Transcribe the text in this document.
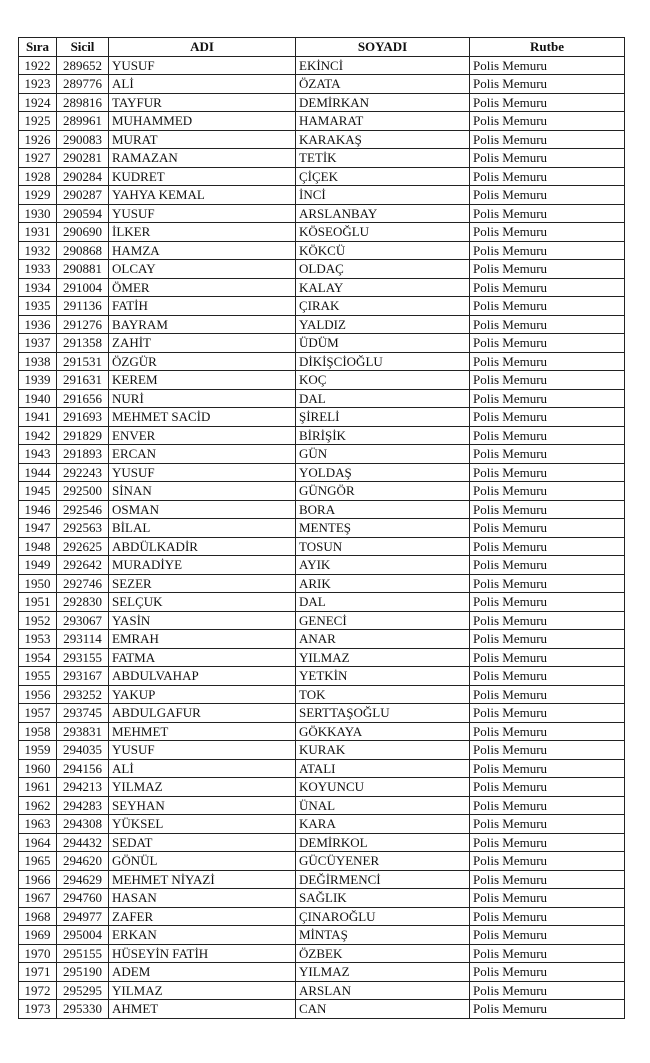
Sıra	Sicil	ADI	SOYADI	Rutbe
1922	289652	YUSUF	EKİNCİ	Polis Memuru
1923	289776	ALİ	ÖZATA	Polis Memuru
1924	289816	TAYFUR	DEMİRKAN	Polis Memuru
1925	289961	MUHAMMED	HAMARAT	Polis Memuru
1926	290083	MURAT	KARAKAŞ	Polis Memuru
1927	290281	RAMAZAN	TETİK	Polis Memuru
1928	290284	KUDRET	ÇİÇEK	Polis Memuru
1929	290287	YAHYA KEMAL	İNCİ	Polis Memuru
1930	290594	YUSUF	ARSLANBAY	Polis Memuru
1931	290690	İLKER	KÖSEOĞLU	Polis Memuru
1932	290868	HAMZA	KÖKCÜ	Polis Memuru
1933	290881	OLCAY	OLDAÇ	Polis Memuru
1934	291004	ÖMER	KALAY	Polis Memuru
1935	291136	FATİH	ÇIRAK	Polis Memuru
1936	291276	BAYRAM	YALDIZ	Polis Memuru
1937	291358	ZAHİT	ÜDÜM	Polis Memuru
1938	291531	ÖZGÜR	DİKİŞCİOĞLU	Polis Memuru
1939	291631	KEREM	KOÇ	Polis Memuru
1940	291656	NURİ	DAL	Polis Memuru
1941	291693	MEHMET SACİD	ŞİRELİ	Polis Memuru
1942	291829	ENVER	BİRİŞİK	Polis Memuru
1943	291893	ERCAN	GÜN	Polis Memuru
1944	292243	YUSUF	YOLDAŞ	Polis Memuru
1945	292500	SİNAN	GÜNGÖR	Polis Memuru
1946	292546	OSMAN	BORA	Polis Memuru
1947	292563	BİLAL	MENTEŞ	Polis Memuru
1948	292625	ABDÜLKADİR	TOSUN	Polis Memuru
1949	292642	MURADİYE	AYIK	Polis Memuru
1950	292746	SEZER	ARIK	Polis Memuru
1951	292830	SELÇUK	DAL	Polis Memuru
1952	293067	YASİN	GENECİ	Polis Memuru
1953	293114	EMRAH	ANAR	Polis Memuru
1954	293155	FATMA	YILMAZ	Polis Memuru
1955	293167	ABDULVAHAP	YETKİN	Polis Memuru
1956	293252	YAKUP	TOK	Polis Memuru
1957	293745	ABDULGAFUR	SERTTAŞOĞLU	Polis Memuru
1958	293831	MEHMET	GÖKKAYA	Polis Memuru
1959	294035	YUSUF	KURAK	Polis Memuru
1960	294156	ALİ	ATALI	Polis Memuru
1961	294213	YILMAZ	KOYUNCU	Polis Memuru
1962	294283	SEYHAN	ÜNAL	Polis Memuru
1963	294308	YÜKSEL	KARA	Polis Memuru
1964	294432	SEDAT	DEMİRKOL	Polis Memuru
1965	294620	GÖNÜL	GÜCÜYENER	Polis Memuru
1966	294629	MEHMET NİYAZİ	DEĞİRMENCİ	Polis Memuru
1967	294760	HASAN	SAĞLIK	Polis Memuru
1968	294977	ZAFER	ÇINAROĞLU	Polis Memuru
1969	295004	ERKAN	MİNTAŞ	Polis Memuru
1970	295155	HÜSEYİN FATİH	ÖZBEK	Polis Memuru
1971	295190	ADEM	YILMAZ	Polis Memuru
1972	295295	YILMAZ	ARSLAN	Polis Memuru
1973	295330	AHMET	CAN	Polis Memuru
